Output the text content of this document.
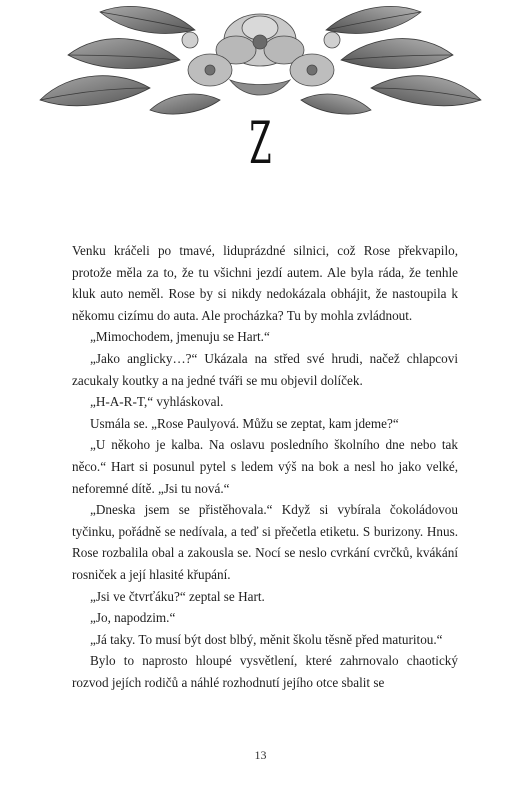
Z

Venku kráčeli po tmavé, liduprázdné silnici, což Rose překvapilo, protože měla za to, že tu všichni jezdí autem. Ale byla ráda, že tenhle kluk auto neměl. Rose by si nikdy nedokázala obhájit, že nastoupila k někomu cizímu do auta. Ale procházka? Tu by mohla zvládnout.

„Mimochodem, jmenuju se Hart.“

„Jako anglicky…?“ Ukázala na střed své hrudi, načež chlapcovi zacukaly koutky a na jedné tváři se mu objevil dolíček.

„H-A-R-T,“ vyhláskoval.

Usmála se. „Rose Paulyová. Můžu se zeptat, kam jdeme?“

„U někoho je kalba. Na oslavu posledního školního dne nebo tak něco.“ Hart si posunul pytel s ledem výš na bok a nesl ho jako velké, neforemné dítě. „Jsi tu nová.“

„Dneska jsem se přistěhovala.“ Když si vybírala čokoládovou tyčinku, pořádně se nedívala, a teď si přečetla etiketu. S burizony. Hnus. Rose rozbalila obal a zakousla se. Nocí se neslo cvrkání cvrčků, kvákání rosniček a její hlasité křupání.

„Jsi ve čtvrťáku?“ zeptal se Hart.

„Jo, napodzim.“

„Já taky. To musí být dost blbý, měnit školu těsně před maturitou.“

Bylo to naprosto hloupé vysvětlení, které zahrnovalo chaotický rozvod jejích rodičů a náhlé rozhodnutí jejího otce sbalit se

13
